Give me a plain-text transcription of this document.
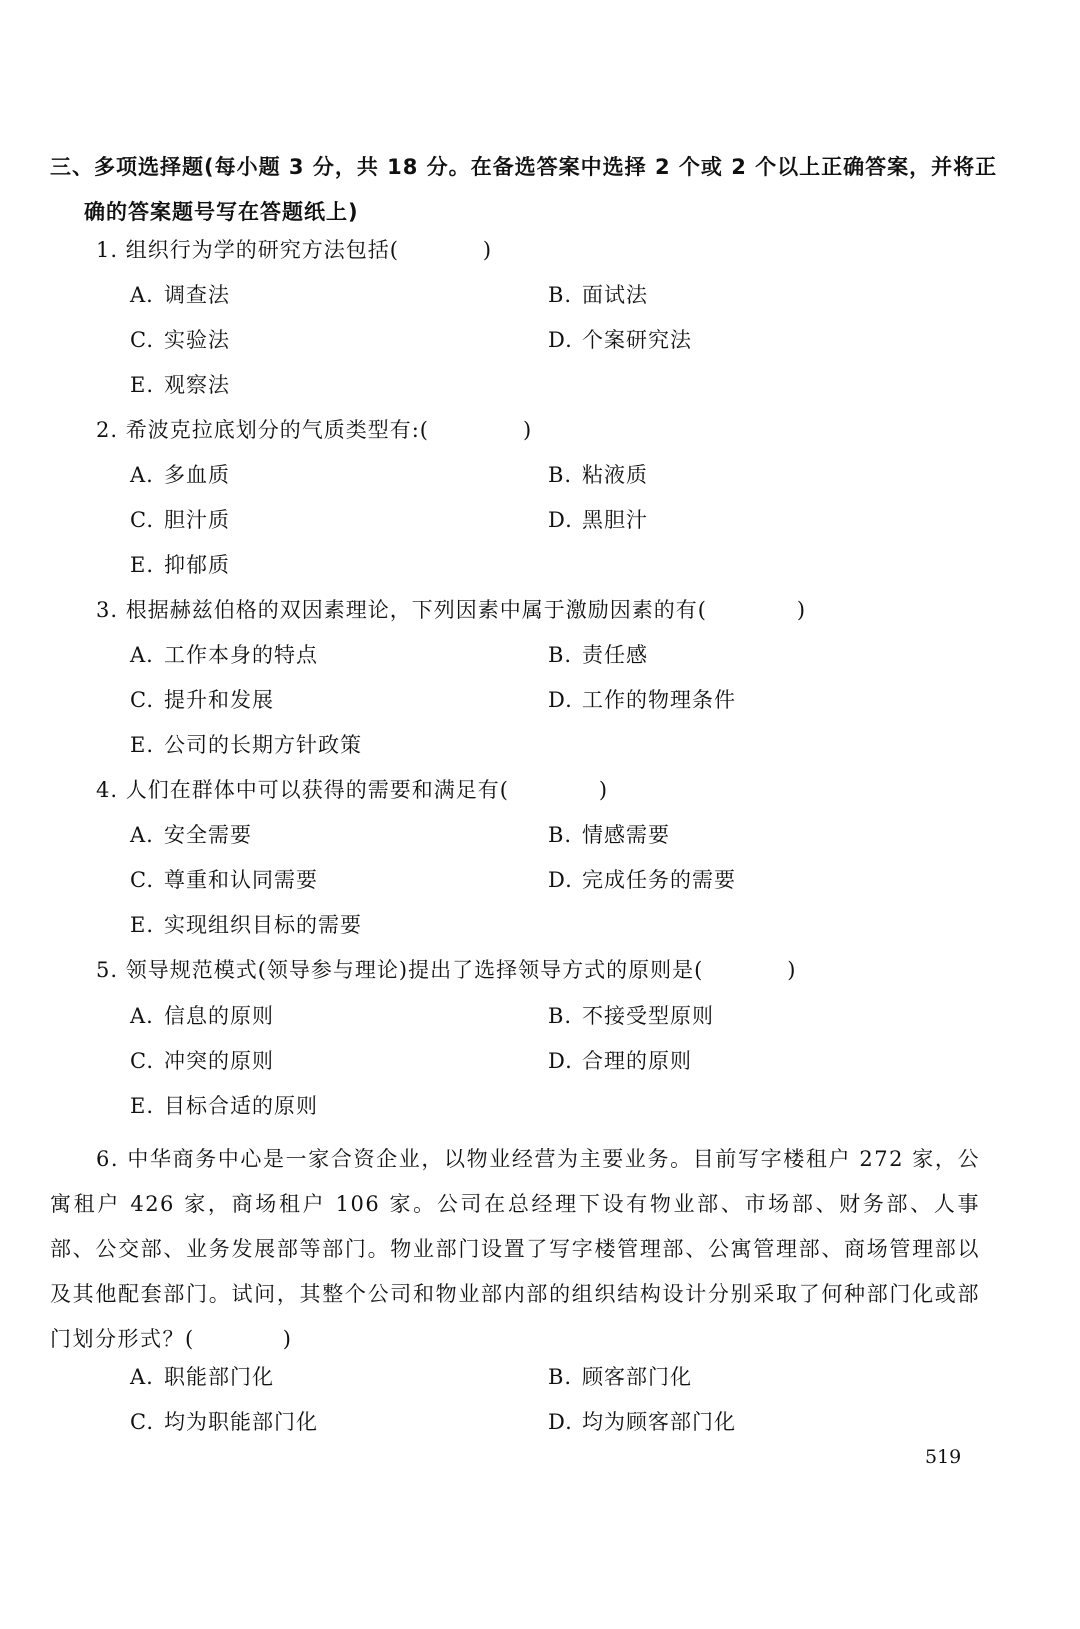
三、多项选择题(每小题 3 分，共 18 分。在备选答案中选择 2 个或 2 个以上正确答案，并将正
确的答案题号写在答题纸上)
1. 组织行为学的研究方法包括(	)
A. 调查法	B. 面试法
C. 实验法	D. 个案研究法
E. 观察法
2. 希波克拉底划分的气质类型有:(	)
A. 多血质	B. 粘液质
C. 胆汁质	D. 黑胆汁
E. 抑郁质
3. 根据赫兹伯格的双因素理论，下列因素中属于激励因素的有(	)
A. 工作本身的特点	B. 责任感
C. 提升和发展	D. 工作的物理条件
E. 公司的长期方针政策
4. 人们在群体中可以获得的需要和满足有(	)
A. 安全需要	B. 情感需要
C. 尊重和认同需要	D. 完成任务的需要
E. 实现组织目标的需要
5. 领导规范模式(领导参与理论)提出了选择领导方式的原则是(	)
A. 信息的原则	B. 不接受型原则
C. 冲突的原则	D. 合理的原则
E. 目标合适的原则
6. 中华商务中心是一家合资企业，以物业经营为主要业务。目前写字楼租户 272 家，公寓租户 426 家，商场租户 106 家。公司在总经理下设有物业部、市场部、财务部、人事部、公交部、业务发展部等部门。物业部门设置了写字楼管理部、公寓管理部、商场管理部以及其他配套部门。试问，其整个公司和物业部内部的组织结构设计分别采取了何种部门化或部门划分形式？(	)
A. 职能部门化	B. 顾客部门化
C. 均为职能部门化	D. 均为顾客部门化
519
